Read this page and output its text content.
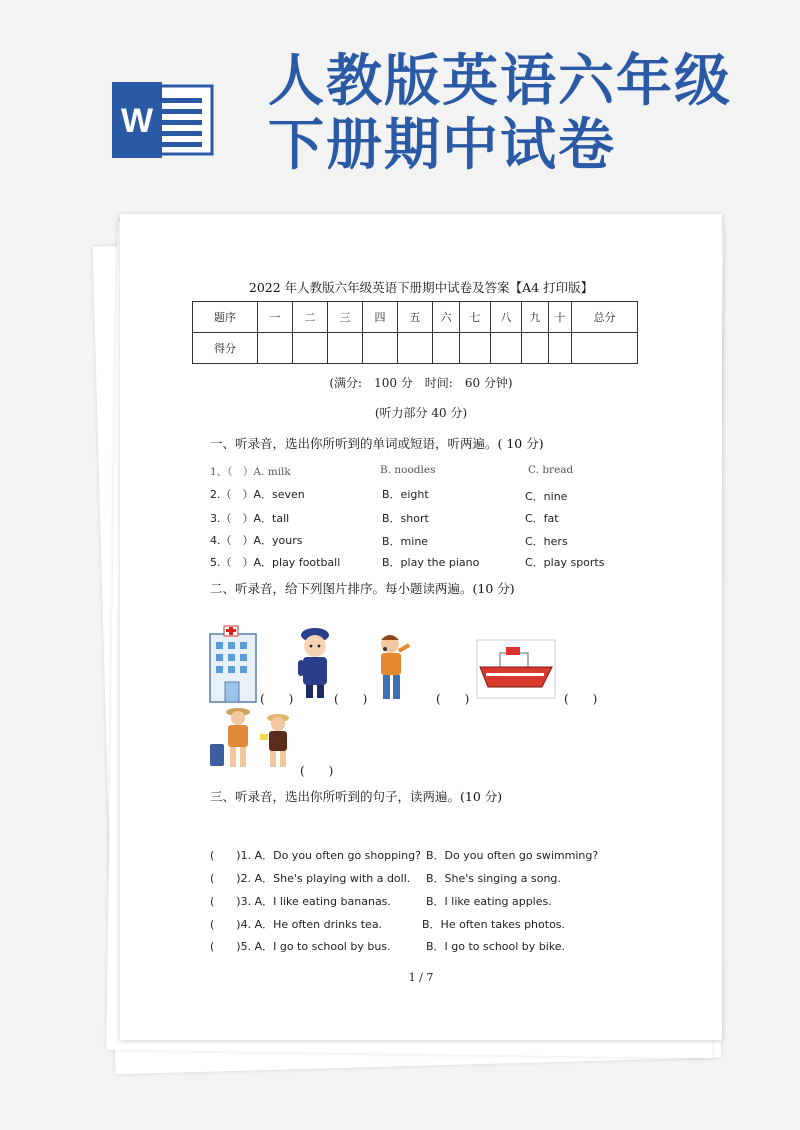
W
人教版英语六年级
下册期中试卷
2022 年人教版六年级英语下册期中试卷及答案【A4 打印版】
题序	一	二	三	四	五	六	七	八	九	十	总分
得分											
(满分:　100 分　时间:　60 分钟)
(听力部分 40 分)
一、听录音，选出你所听到的单词或短语，听两遍。( 10 分)
1、（　）A. milk	B. noodles	C. bread
2.（　）A．seven	B．eight	C．nine
3.（　）A．tall	B．short	C．fat
4.（　）A．yours	B．mine	C．hers
5.（　）A．play football	B．play the piano	C．play sports
二、听录音，给下列图片排序。每小题读两遍。(10 分)
(　　)	(　　)	(　　)	(　　)
(　　)
三、听录音，选出你所听到的句子，读两遍。(10 分)
(　　)1. A．Do you often go shopping? B．Do you often go swimming?
(　　)2. A．She's playing with a doll. B．She's singing a song.
(　　)3. A．I like eating bananas.	B．I like eating apples.
(　　)4. A．He often drinks tea.	B．He often takes photos.
(　　)5. A．I go to school by bus.	B．I go to school by bike.
1 / 7
